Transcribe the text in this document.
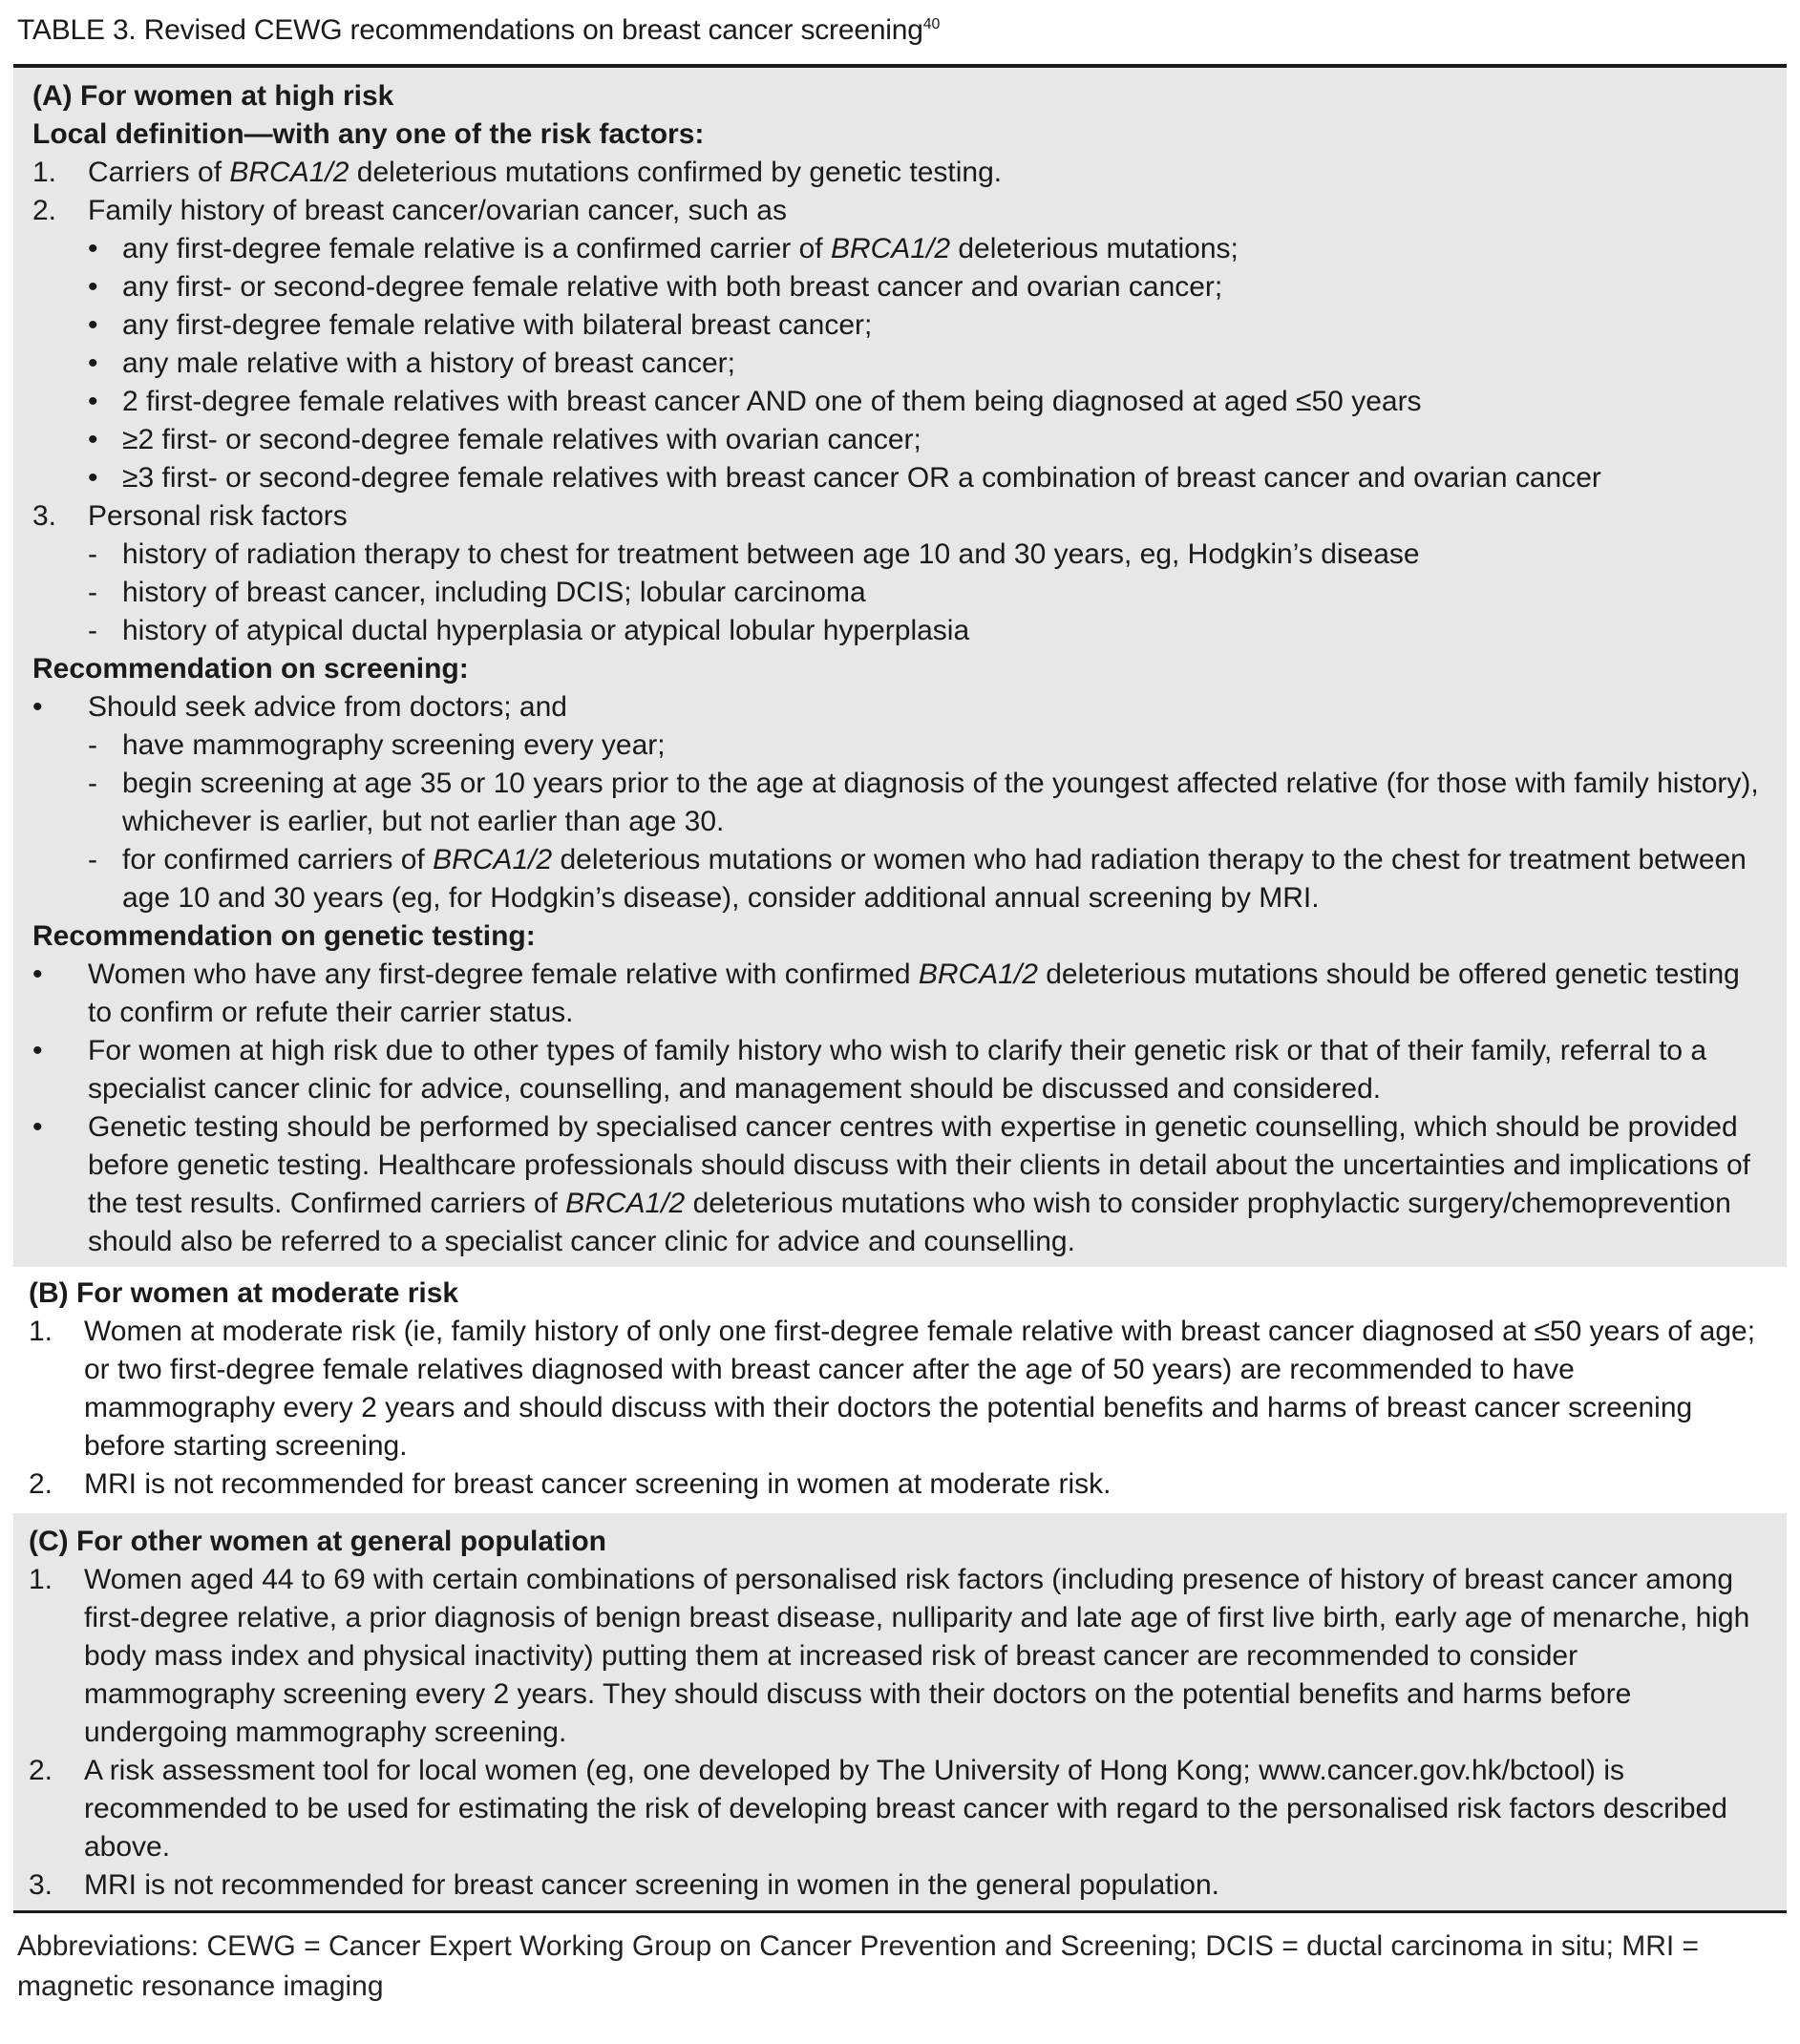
TABLE 3. Revised CEWG recommendations on breast cancer screening$^{40}$
(A) For women at high risk
Local definition—with any one of the risk factors:
1.	Carriers of BRCA1/2 deleterious mutations confirmed by genetic testing.
2.	Family history of breast cancer/ovarian cancer, such as
• any first-degree female relative is a confirmed carrier of BRCA1/2 deleterious mutations;
• any first- or second-degree female relative with both breast cancer and ovarian cancer;
• any first-degree female relative with bilateral breast cancer;
• any male relative with a history of breast cancer;
• 2 first-degree female relatives with breast cancer AND one of them being diagnosed at aged ≤50 years
• ≥2 first- or second-degree female relatives with ovarian cancer;
• ≥3 first- or second-degree female relatives with breast cancer OR a combination of breast cancer and ovarian cancer
3.	Personal risk factors
- history of radiation therapy to chest for treatment between age 10 and 30 years, eg, Hodgkin’s disease
- history of breast cancer, including DCIS; lobular carcinoma
- history of atypical ductal hyperplasia or atypical lobular hyperplasia
Recommendation on screening:
•	Should seek advice from doctors; and
- have mammography screening every year;
- begin screening at age 35 or 10 years prior to the age at diagnosis of the youngest affected relative (for those with family history), whichever is earlier, but not earlier than age 30.
- for confirmed carriers of BRCA1/2 deleterious mutations or women who had radiation therapy to the chest for treatment between age 10 and 30 years (eg, for Hodgkin’s disease), consider additional annual screening by MRI.
Recommendation on genetic testing:
•	Women who have any first-degree female relative with confirmed BRCA1/2 deleterious mutations should be offered genetic testing to confirm or refute their carrier status.
•	For women at high risk due to other types of family history who wish to clarify their genetic risk or that of their family, referral to a specialist cancer clinic for advice, counselling, and management should be discussed and considered.
•	Genetic testing should be performed by specialised cancer centres with expertise in genetic counselling, which should be provided before genetic testing. Healthcare professionals should discuss with their clients in detail about the uncertainties and implications of the test results. Confirmed carriers of BRCA1/2 deleterious mutations who wish to consider prophylactic surgery/chemoprevention should also be referred to a specialist cancer clinic for advice and counselling.
(B) For women at moderate risk
1.	Women at moderate risk (ie, family history of only one first-degree female relative with breast cancer diagnosed at ≤50 years of age; or two first-degree female relatives diagnosed with breast cancer after the age of 50 years) are recommended to have mammography every 2 years and should discuss with their doctors the potential benefits and harms of breast cancer screening before starting screening.
2.	MRI is not recommended for breast cancer screening in women at moderate risk.
(C) For other women at general population
1.	Women aged 44 to 69 with certain combinations of personalised risk factors (including presence of history of breast cancer among first-degree relative, a prior diagnosis of benign breast disease, nulliparity and late age of first live birth, early age of menarche, high body mass index and physical inactivity) putting them at increased risk of breast cancer are recommended to consider mammography screening every 2 years. They should discuss with their doctors on the potential benefits and harms before undergoing mammography screening.
2.	A risk assessment tool for local women (eg, one developed by The University of Hong Kong; www.cancer.gov.hk/bctool) is recommended to be used for estimating the risk of developing breast cancer with regard to the personalised risk factors described above.
3.	MRI is not recommended for breast cancer screening in women in the general population.
Abbreviations: CEWG = Cancer Expert Working Group on Cancer Prevention and Screening; DCIS = ductal carcinoma in situ; MRI = magnetic resonance imaging
